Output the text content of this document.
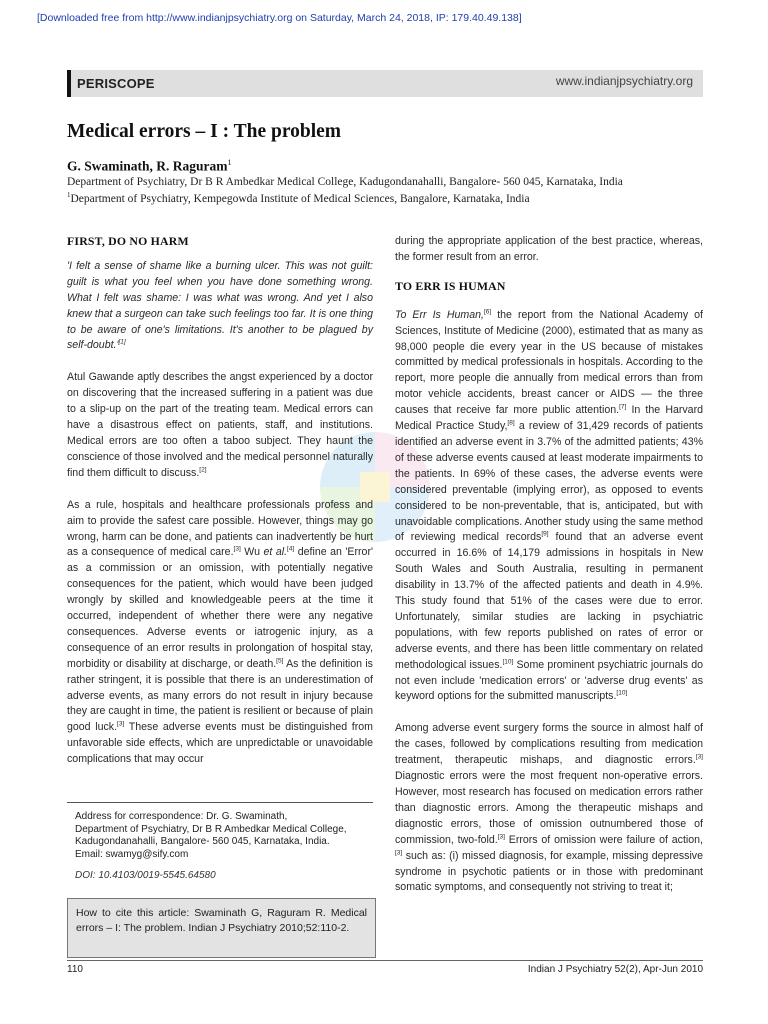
[Downloaded free from http://www.indianjpsychiatry.org on Saturday, March 24, 2018, IP: 179.40.49.138]
PERISCOPE	www.indianjpsychiatry.org
Medical errors – I : The problem
G. Swaminath, R. Raguram$^1$
Department of Psychiatry, Dr B R Ambedkar Medical College, Kadugondanahalli, Bangalore- 560 045, Karnataka, India
$^1$Department of Psychiatry, Kempegowda Institute of Medical Sciences, Bangalore, Karnataka, India
FIRST, DO NO HARM

'I felt a sense of shame like a burning ulcer. This was not guilt: guilt is what you feel when you have done something wrong. What I felt was shame: I was what was wrong. And yet I also knew that a surgeon can take such feelings too far. It is one thing to be aware of one's limitations. It's another to be plagued by self-doubt.'[1]

Atul Gawande aptly describes the angst experienced by a doctor on discovering that the increased suffering in a patient was due to a slip-up on the part of the treating team. Medical errors can have a disastrous effect on patients, staff, and institutions. Medical errors are too often a taboo subject. They haunt the conscience of those involved and the medical personnel naturally find them difficult to discuss.[2]

As a rule, hospitals and healthcare professionals profess and aim to provide the safest care possible. However, things may go wrong, harm can be done, and patients can inadvertently be hurt as a consequence of medical care.[3] Wu et al.[4] define an 'Error' as a commission or an omission, with potentially negative consequences for the patient, which would have been judged wrongly by skilled and knowledgeable peers at the time it occurred, independent of whether there were any negative consequences. Adverse events or iatrogenic injury, as a consequence of an error results in prolongation of hospital stay, morbidity or disability at discharge, or death.[5] As the definition is rather stringent, it is possible that there is an underestimation of adverse events, as many errors do not result in injury because they are caught in time, the patient is resilient or because of plain good luck.[3] These adverse events must be distinguished from unfavorable side effects, which are unpredictable or unavoidable complications that may occur

during the appropriate application of the best practice, whereas, the former result from an error.

TO ERR IS HUMAN

To Err Is Human,[6] the report from the National Academy of Sciences, Institute of Medicine (2000), estimated that as many as 98,000 people die every year in the US because of mistakes committed by medical professionals in hospitals. According to the report, more people die annually from medical errors than from motor vehicle accidents, breast cancer or AIDS — the three causes that receive far more public attention.[7] In the Harvard Medical Practice Study,[8] a review of 31,429 records of patients identified an adverse event in 3.7% of the admitted patients; 43% of these adverse events caused at least moderate impairments to the patients. In 69% of these cases, the adverse events were considered preventable (implying error), as opposed to events considered to be non-preventable, that is, anticipated, but with unavoidable complications. Another study using the same method of reviewing medical records[9] found that an adverse event occurred in 16.6% of 14,179 admissions in hospitals in New South Wales and South Australia, resulting in permanent disability in 13.7% of the affected patients and death in 4.9%. This study found that 51% of the cases were due to error. Unfortunately, similar studies are lacking in psychiatric populations, with few reports published on rates of error or adverse events, and there has been little commentary on related methodological issues.[10] Some prominent psychiatric journals do not even include 'medication errors' or 'adverse drug events' as keyword options for the submitted manuscripts.[10]

Among adverse event surgery forms the source in almost half of the cases, followed by complications resulting from medication treatment, therapeutic mishaps, and diagnostic errors.[3] Diagnostic errors were the most frequent non-operative errors. However, most research has focused on medication errors rather than diagnostic errors. Among the therapeutic mishaps and diagnostic errors, those of omission outnumbered those of commission, two-fold.[3] Errors of omission were failure of action,[3] such as: (i) missed diagnosis, for example, missing depressive syndrome in psychotic patients or in those with predominant somatic symptoms, and consequently not striving to treat it;

Address for correspondence: Dr. G. Swaminath,
Department of Psychiatry, Dr B R Ambedkar Medical College,
Kadugondanahalli, Bangalore- 560 045, Karnataka, India.
Email: swamyg@sify.com
DOI: 10.4103/0019-5545.64580
How to cite this article: Swaminath G, Raguram R. Medical errors – I: The problem. Indian J Psychiatry 2010;52:110-2.
110	Indian J Psychiatry 52(2), Apr-Jun 2010
